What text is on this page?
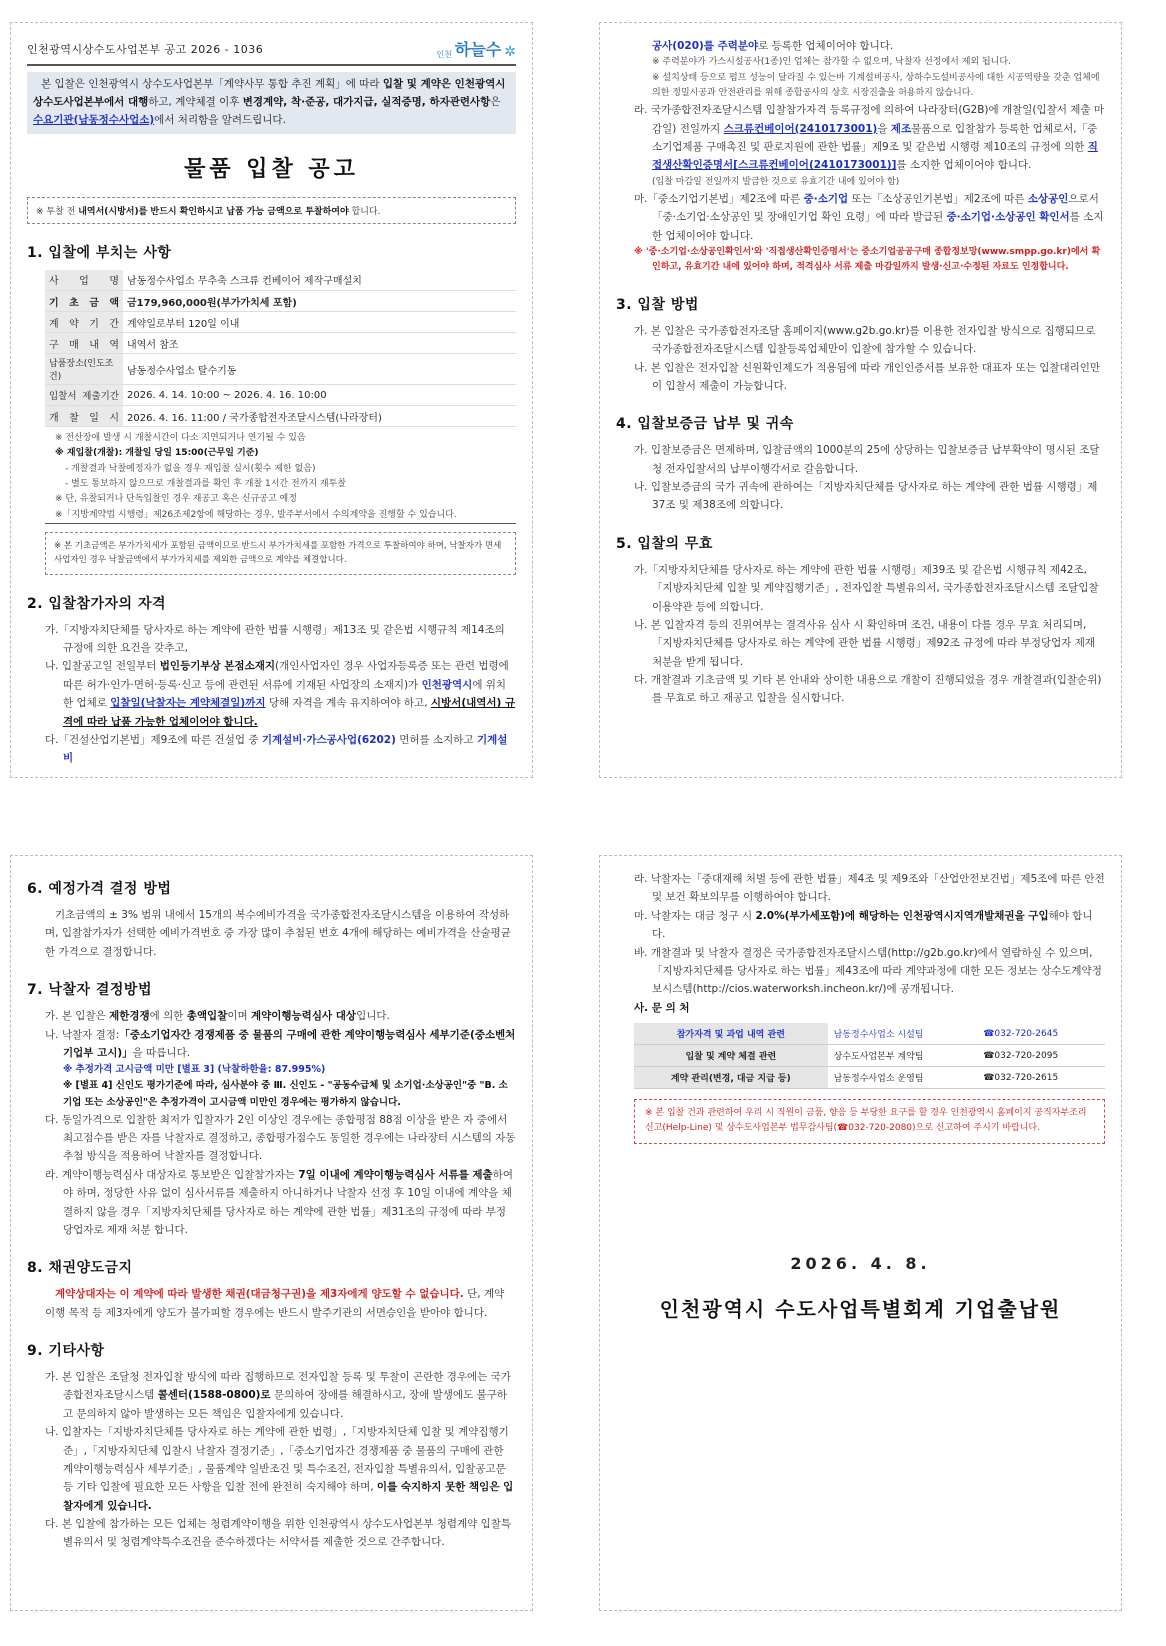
인천광역시상수도사업본부 공고 2026 - 1036	인천 하늘수 ✲
본 입찰은 인천광역시 상수도사업본부「계약사무 통합 추진 계획」에 따라 입찰 및 계약은 인천광역시 상수도사업본부에서 대행하고, 계약체결 이후 변경계약, 착·준공, 대가지급, 실적증명, 하자관련사항은 수요기관(남동정수사업소)에서 처리함을 알려드립니다.
물품 입찰 공고
※ 투찰 전 내역서(시방서)를 반드시 확인하시고 납품 가능 금액으로 투찰하여야 합니다.
1. 입찰에 부치는 사항
사 업 명	남동정수사업소 무추축 스크류 컨베이어 제작구매설치
기 초 금 액	금179,960,000원(부가가치세 포함)
계 약 기 간	계약일로부터 120일 이내
구 매 내 역	내역서 참조
납품장소(인도조건)	남동정수사업소 탈수기동
입찰서 제출기간	2026. 4. 14. 10:00 ~ 2026. 4. 16. 10:00
개 찰 일 시	2026. 4. 16. 11:00 / 국가종합전자조달시스템(나라장터)
※ 전산장애 발생 시 개찰시간이 다소 지연되거나 연기될 수 있음
※ 재입찰(개찰): 개찰일 당일 15:00(근무일 기준)
- 개찰결과 낙찰예정자가 없을 경우 재입찰 실시(횟수 제한 없음)
- 별도 통보하지 않으므로 개찰결과를 확인 후 개찰 1시간 전까지 재투찰
※ 단, 유찰되거나 단독입찰인 경우 재공고 혹은 신규공고 예정
※「지방계약법 시행령」제26조제2항에 해당하는 경우, 발주부서에서 수의계약을 진행할 수 있습니다.
※ 본 기초금액은 부가가치세가 포함된 금액이므로 반드시 부가가치세를 포함한 가격으로 투찰하여야 하며, 낙찰자가 면세사업자인 경우 낙찰금액에서 부가가치세를 제외한 금액으로 계약을 체결합니다.
2. 입찰참가자의 자격
가.「지방자치단체를 당사자로 하는 계약에 관한 법률 시행령」제13조 및 같은법 시행규칙 제14조의 규정에 의한 요건을 갖추고,
나. 입찰공고일 전일부터 법인등기부상 본점소재지(개인사업자인 경우 사업자등록증 또는 관련 법령에 따른 허가·인가·면허·등록·신고 등에 관련된 서류에 기재된 사업장의 소재지)가 인천광역시에 위치한 업체로 입찰일(낙찰자는 계약체결일)까지 당해 자격을 계속 유지하여야 하고, 시방서(내역서) 규격에 따라 납품 가능한 업체이어야 합니다.
다.「건설산업기본법」제9조에 따른 건설업 중 기계설비·가스공사업(6202) 면허를 소지하고 기계설비
공사(020)를 주력분야로 등록한 업체이어야 합니다.
※ 주력분야가 가스시설공사(1종)인 업체는 참가할 수 없으며, 낙찰자 선정에서 제외 됩니다.
※ 설치상태 등으로 펌프 성능이 달라질 수 있는바 기계설비공사, 상하수도설비공사에 대한 시공역량을 갖춘 업체에 의한 정밀시공과 안전관리를 위해 종합공사의 상호 시장진출을 허용하지 않습니다.
라. 국가종합전자조달시스템 입찰참가자격 등록규정에 의하여 나라장터(G2B)에 개찰일(입찰서 제출 마감일) 전일까지 스크류컨베이어(2410173001)을 제조물품으로 입찰참가 등록한 업체로서,「중소기업제품 구매촉진 및 판로지원에 관한 법률」제9조 및 같은법 시행령 제10조의 규정에 의한 직접생산확인증명서[스크류컨베이어(2410173001)]를 소지한 업체이어야 합니다.
(입찰 마감일 전일까지 발급한 것으로 유효기간 내에 있어야 함)
마.「중소기업기본법」제2조에 따른 중·소기업 또는「소상공인기본법」제2조에 따른 소상공인으로서「중·소기업·소상공인 및 장애인기업 확인 요령」에 따라 발급된 중·소기업·소상공인 확인서를 소지한 업체이어야 합니다.
※ '중·소기업·소상공인확인서'와 '직접생산확인증명서'는 중소기업공공구매 종합정보망(www.smpp.go.kr)에서 확인하고, 유효기간 내에 있어야 하며, 적격심사 서류 제출 마감일까지 발생·신고·수정된 자료도 인정합니다.
3. 입찰 방법
가. 본 입찰은 국가종합전자조달 홈페이지(www.g2b.go.kr)를 이용한 전자입찰 방식으로 집행되므로 국가종합전자조달시스템 입찰등록업체만이 입찰에 참가할 수 있습니다.
나. 본 입찰은 전자입찰 신원확인제도가 적용됨에 따라 개인인증서를 보유한 대표자 또는 입찰대리인만이 입찰서 제출이 가능합니다.
4. 입찰보증금 납부 및 귀속
가. 입찰보증금은 면제하며, 입찰금액의 1000분의 25에 상당하는 입찰보증금 납부확약이 명시된 조달청 전자입찰서의 납부이행각서로 갈음합니다.
나. 입찰보증금의 국가 귀속에 관하여는「지방자치단체를 당사자로 하는 계약에 관한 법률 시행령」제37조 및 제38조에 의합니다.
5. 입찰의 무효
가.「지방자치단체를 당사자로 하는 계약에 관한 법률 시행령」제39조 및 같은법 시행규칙 제42조,「지방자치단체 입찰 및 계약집행기준」, 전자입찰 특별유의서, 국가종합전자조달시스템 조달입찰 이용약관 등에 의합니다.
나. 본 입찰자격 등의 진위여부는 결격사유 심사 시 확인하며 조건, 내용이 다를 경우 무효 처리되며,「지방자치단체를 당사자로 하는 계약에 관한 법률 시행령」제92조 규정에 따라 부정당업자 제재 처분을 받게 됩니다.
다. 개찰결과 기초금액 및 기타 본 안내와 상이한 내용으로 개찰이 진행되었을 경우 개찰결과(입찰순위)를 무효로 하고 재공고 입찰을 실시합니다.
6. 예정가격 결정 방법
기초금액의 ± 3% 범위 내에서 15개의 복수예비가격을 국가종합전자조달시스템을 이용하여 작성하며, 입찰참가자가 선택한 예비가격번호 중 가장 많이 추첨된 번호 4개에 해당하는 예비가격을 산술평균한 가격으로 결정합니다.
7. 낙찰자 결정방법
가. 본 입찰은 제한경쟁에 의한 총액입찰이며 계약이행능력심사 대상입니다.
나. 낙찰자 결정:「중소기업자간 경쟁제품 중 물품의 구매에 관한 계약이행능력심사 세부기준(중소벤처기업부 고시)」을 따릅니다.
※ 추정가격 고시금액 미만 [별표 3] (낙찰하한율: 87.995%)
※ [별표 4] 신인도 평가기준에 따라, 심사분야 중 Ⅲ. 신인도 - "공동수급체 및 소기업·소상공인"중 "B. 소기업 또는 소상공인"은 추정가격이 고시금액 미만인 경우에는 평가하지 않습니다.
다. 동일가격으로 입찰한 최저가 입찰자가 2인 이상인 경우에는 종합평점 88점 이상을 받은 자 중에서 최고점수를 받은 자를 낙찰자로 결정하고, 종합평가점수도 동일한 경우에는 나라장터 시스템의 자동추첨 방식을 적용하여 낙찰자를 결정합니다.
라. 계약이행능력심사 대상자로 통보받은 입찰참가자는 7일 이내에 계약이행능력심사 서류를 제출하여야 하며, 정당한 사유 없이 심사서류를 제출하지 아니하거나 낙찰자 선정 후 10일 이내에 계약을 체결하지 않을 경우「지방자치단체를 당사자로 하는 계약에 관한 법률」제31조의 규정에 따라 부정당업자로 제재 처분 합니다.
8. 채권양도금지
계약상대자는 이 계약에 따라 발생한 채권(대금청구권)을 제3자에게 양도할 수 없습니다. 단, 계약 이행 목적 등 제3자에게 양도가 불가피할 경우에는 반드시 발주기관의 서면승인을 받아야 합니다.
9. 기타사항
가. 본 입찰은 조달청 전자입찰 방식에 따라 집행하므로 전자입찰 등록 및 투찰이 곤란한 경우에는 국가종합전자조달시스템 콜센터(1588-0800)로 문의하여 장애를 해결하시고, 장애 발생에도 불구하고 문의하지 않아 발생하는 모든 책임은 입찰자에게 있습니다.
나. 입찰자는「지방자치단체를 당사자로 하는 계약에 관한 법령」,「지방자치단체 입찰 및 계약집행기준」,「지방자치단체 입찰시 낙찰자 결정기준」,「중소기업자간 경쟁제품 중 물품의 구매에 관한 계약이행능력심사 세부기준」, 물품계약 일반조건 및 특수조건, 전자입찰 특별유의서, 입찰공고문 등 기타 입찰에 필요한 모든 사항을 입찰 전에 완전히 숙지해야 하며, 이를 숙지하지 못한 책임은 입찰자에게 있습니다.
다. 본 입찰에 참가하는 모든 업체는 청렴계약이행을 위한 인천광역시 상수도사업본부 청렴계약 입찰특별유의서 및 청렴계약특수조건을 준수하겠다는 서약서를 제출한 것으로 간주합니다.
라. 낙찰자는「중대재해 처벌 등에 관한 법률」제4조 및 제9조와「산업안전보건법」제5조에 따른 안전 및 보건 확보의무를 이행하여야 합니다.
마. 낙찰자는 대금 청구 시 2.0%(부가세포함)에 해당하는 인천광역시지역개발채권을 구입해야 합니다.
바. 개찰결과 및 낙찰자 결정은 국가종합전자조달시스템(http://g2b.go.kr)에서 열람하실 수 있으며,「지방자치단체를 당사자로 하는 법률」제43조에 따라 계약과정에 대한 모든 정보는 상수도계약정보시스템(http://cios.waterworksh.incheon.kr/)에 공개됩니다.
사. 문 의 처
참가자격 및 과업 내역 관련	남동정수사업소 시설팀	☎032-720-2645
입찰 및 계약 체결 관련	상수도사업본부 계약팀	☎032-720-2095
계약 관리(변경, 대금 지급 등)	남동정수사업소 운영팀	☎032-720-2615
※ 본 입찰 건과 관련하여 우리 시 직원이 금품, 향응 등 부당한 요구를 할 경우 인천광역시 홈페이지 공직자부조리신고(Help-Line) 및 상수도사업본부 법무감사팀(☎032-720-2080)으로 신고하여 주시기 바랍니다.
2026. 4. 8.
인천광역시 수도사업특별회계 기업출납원
